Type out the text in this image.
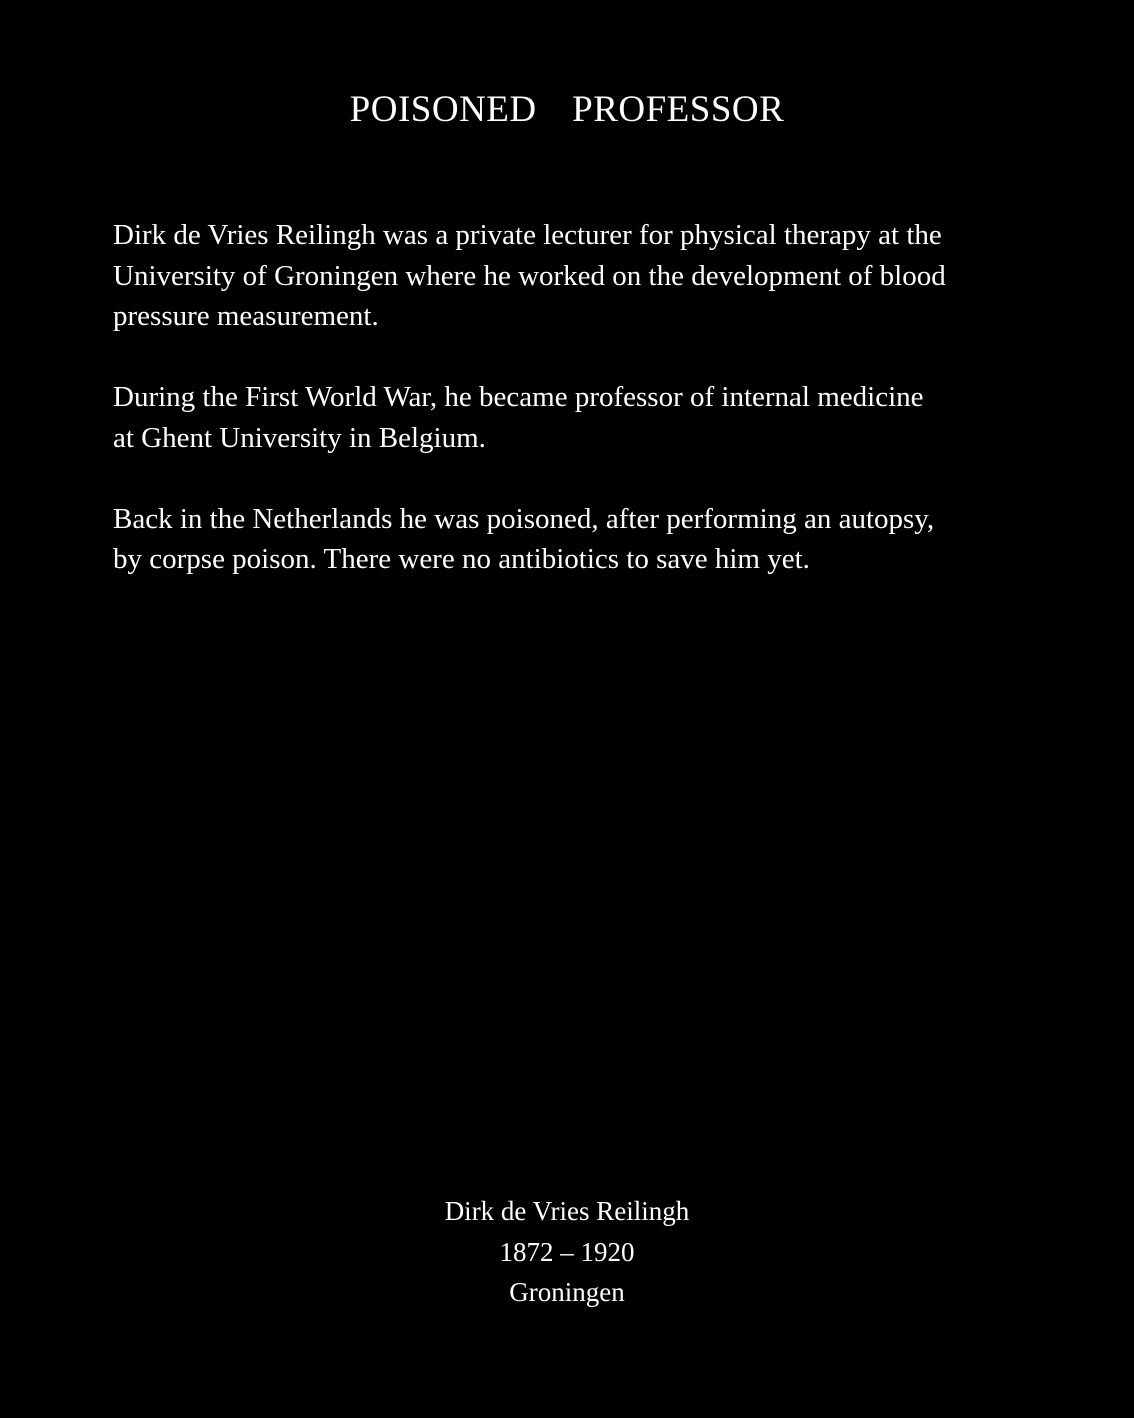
POISONED  PROFESSOR

Dirk de Vries Reilingh was a private lecturer for physical therapy at the
University of Groningen where he worked on the development of blood
pressure measurement.

During the First World War, he became professor of internal medicine
at Ghent University in Belgium.

Back in the Netherlands he was poisoned, after performing an autopsy,
by corpse poison. There were no antibiotics to save him yet.

Dirk de Vries Reilingh
1872 – 1920
Groningen
